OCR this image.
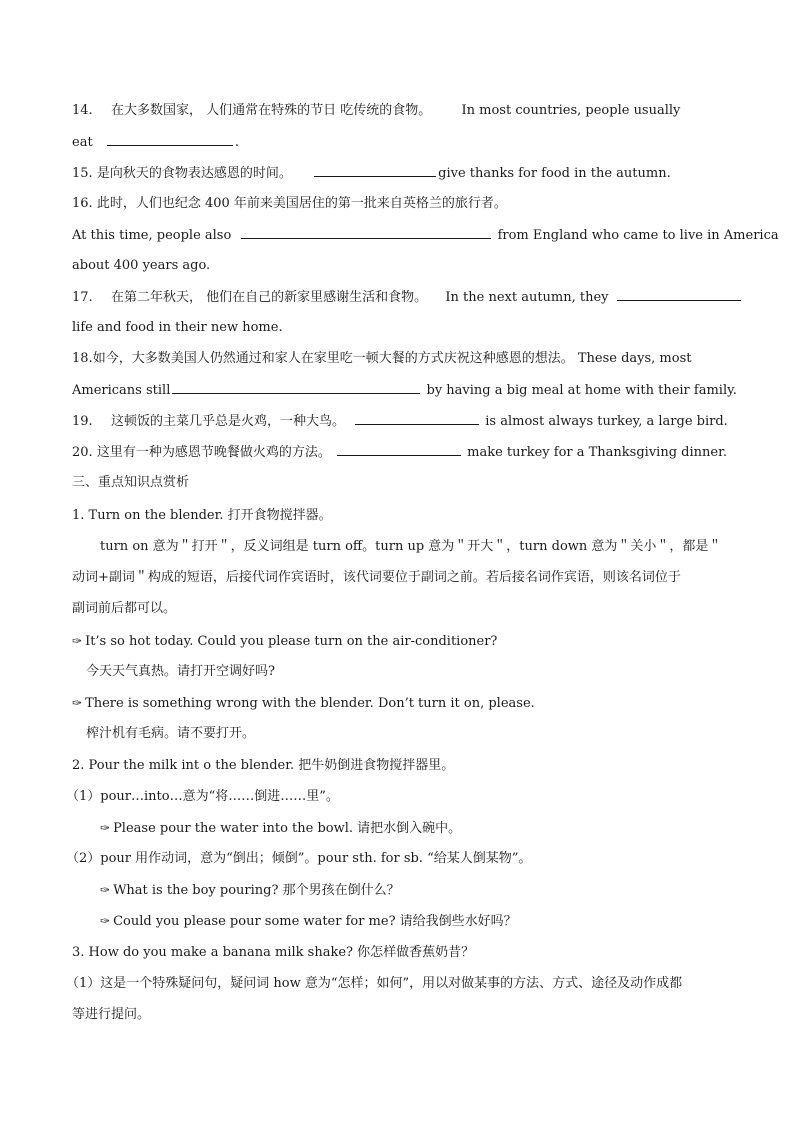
14. 在大多数国家， 人们通常在特殊的节日 吃传统的食物。 In most countries, people usually
eat	.
15. 是向秋天的食物表达感恩的时间。	give thanks for food in the autumn.
16. 此时，人们也纪念 400 年前来美国居住的第一批来自英格兰的旅行者。
At this time, people also	from England who came to live in America
about 400 years ago.
17. 在第二年秋天， 他们在自己的新家里感谢生活和食物。 In the next autumn, they
life and food in their new home.
18.如今，大多数美国人仍然通过和家人在家里吃一顿大餐的方式庆祝这种感恩的想法。 These days, most
Americans still	by having a big meal at home with their family.
19. 这顿饭的主菜几乎总是火鸡，一种大鸟。	is almost always turkey, a large bird.
20. 这里有一种为感恩节晚餐做火鸡的方法。	make turkey for a Thanksgiving dinner.
三、重点知识点赏析
1. Turn on the blender. 打开食物搅拌器。
turn on 意为＂打开＂，反义词组是 turn off。turn up 意为＂开大＂，turn down 意为＂关小＂，都是＂
动词+副词＂构成的短语，后接代词作宾语时，该代词要位于副词之前。若后接名词作宾语，则该名词位于
副词前后都可以。
✑ It’s so hot today. Could you please turn on the air-conditioner?
今天天气真热。请打开空调好吗?
✑ There is something wrong with the blender. Don’t turn it on, please.
榨汁机有毛病。请不要打开。
2. Pour the milk int o the blender. 把牛奶倒进食物搅拌器里。
（1）pour…into…意为“将……倒进……里”。
✑ Please pour the water into the bowl. 请把水倒入碗中。
（2）pour 用作动词，意为“倒出；倾倒”。pour sth. for sb. “给某人倒某物”。
✑ What is the boy pouring? 那个男孩在倒什么？
✑ Could you please pour some water for me? 请给我倒些水好吗？
3. How do you make a banana milk shake? 你怎样做香蕉奶昔？
（1）这是一个特殊疑问句，疑问词 how 意为“怎样；如何”，用以对做某事的方法、方式、途径及动作成都
等进行提问。
